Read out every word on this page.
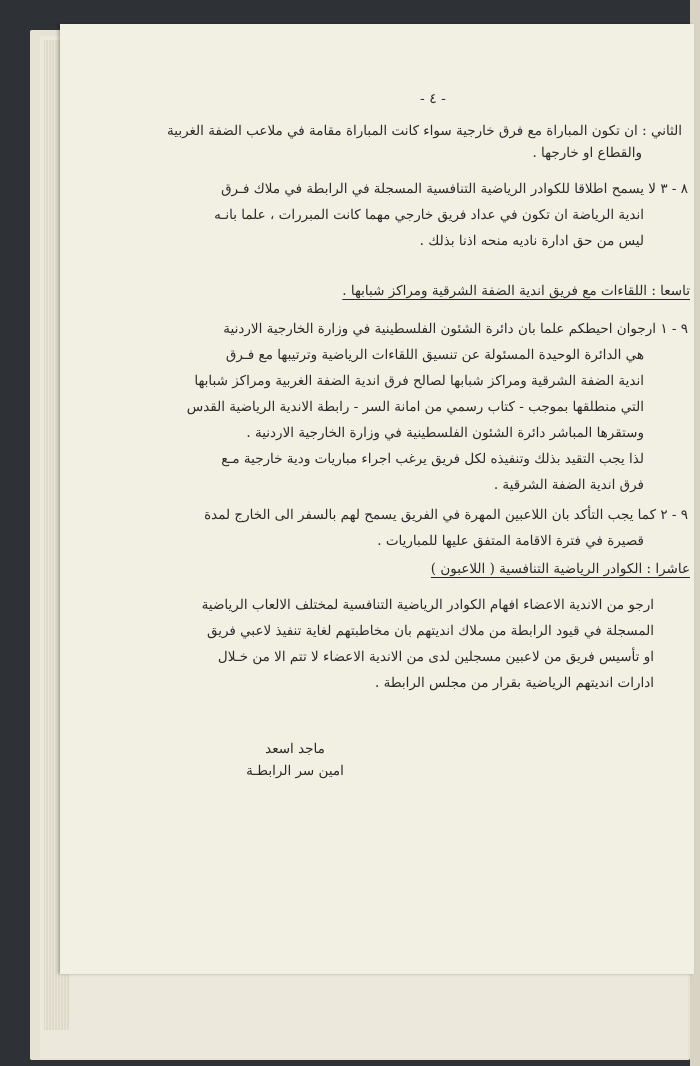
- ٤ -
الثاني : ان تكون المباراة مع فرق خارجية سواء كانت المباراة مقامة في ملاعب الضفة الغربية
والقطاع او خارجها .
٨ - ٣ لا يسمح اطلاقا للكوادر الرياضية التنافسية المسجلة في الرابطة في ملاك فـرق
اندية الرياضة ان تكون في عداد فريق خارجي مهما كانت المبررات ، علما بانـه
ليس من حق ادارة ناديه منحه اذنا بذلك .
تاسعا : اللقاءات مع فريق اندية الضفة الشرقية ومراكز شبابها .
٩ - ١ ارجوان احيطكم علما بان دائرة الشئون الفلسطينية في وزارة الخارجية الاردنية
هي الدائرة الوحيدة المسئولة عن تنسيق اللقاءات الرياضية وترتيبها مع فـرق
اندية الضفة الشرقية ومراكز شبابها لصالح فرق اندية الضفة الغربية ومراكز شبابها
التي منطلقها بموجب - كتاب رسمي من امانة السر - رابطة الاندية الرياضية القدس
وستقرها المباشر دائرة الشئون الفلسطينية في وزارة الخارجية الاردنية .
لذا يجب التقيد بذلك وتنفيذه لكل فريق يرغب اجراء مباريات ودية خارجية مـع
فرق اندية الضفة الشرقية .
٩ - ٢ كما يجب التأكد بان اللاعبين المهرة في الفريق يسمح لهم بالسفر الى الخارج لمدة
قصيرة في فترة الاقامة المتفق عليها للمباريات .
عاشرا : الكوادر الرياضية التنافسية ( اللاعبون )
ارجو من الاندية الاعضاء افهام الكوادر الرياضية التنافسية لمختلف الالعاب الرياضية
المسجلة في قيود الرابطة من ملاك انديتهم بان مخاطبتهم لغاية تنفيذ لاعبي فريق
او تأسيس فريق من لاعبين مسجلين لدى من الاندية الاعضاء لا تتم الا من خـلال
ادارات انديتهم الرياضية بقرار من مجلس الرابطة .
ماجد اسعد
امين سر الرابطـة
